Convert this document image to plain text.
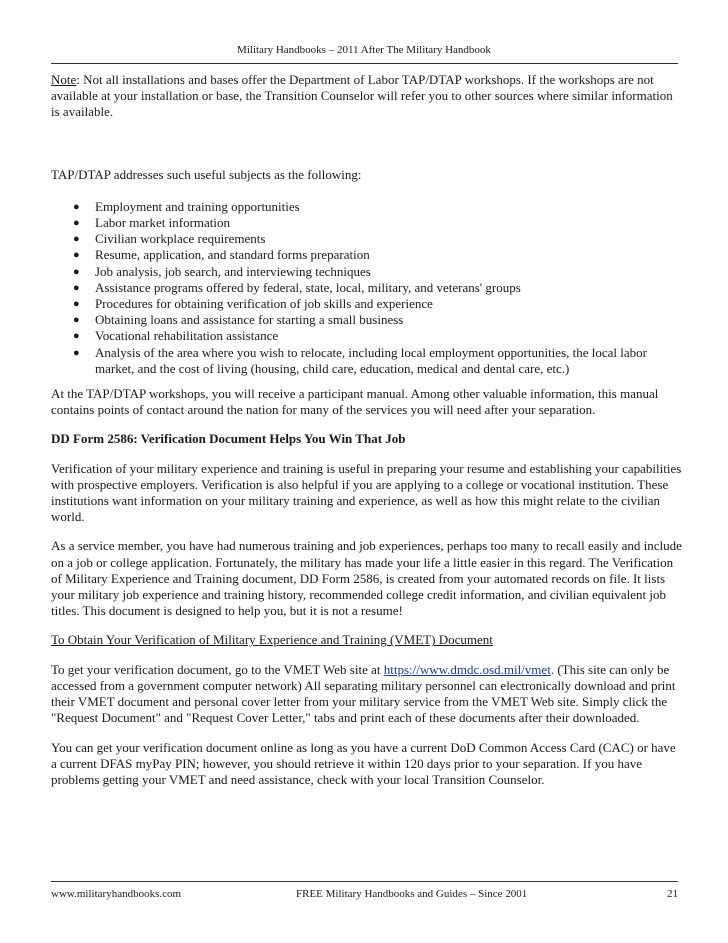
Military Handbooks – 2011 After The Military Handbook

Note: Not all installations and bases offer the Department of Labor TAP/DTAP workshops. If the workshops are not available at your installation or base, the Transition Counselor will refer you to other sources where similar information is available.

TAP/DTAP addresses such useful subjects as the following:

● Employment and training opportunities
● Labor market information
● Civilian workplace requirements
● Resume, application, and standard forms preparation
● Job analysis, job search, and interviewing techniques
● Assistance programs offered by federal, state, local, military, and veterans' groups
● Procedures for obtaining verification of job skills and experience
● Obtaining loans and assistance for starting a small business
● Vocational rehabilitation assistance
● Analysis of the area where you wish to relocate, including local employment opportunities, the local labor market, and the cost of living (housing, child care, education, medical and dental care, etc.)

At the TAP/DTAP workshops, you will receive a participant manual. Among other valuable information, this manual contains points of contact around the nation for many of the services you will need after your separation.

DD Form 2586: Verification Document Helps You Win That Job

Verification of your military experience and training is useful in preparing your resume and establishing your capabilities with prospective employers. Verification is also helpful if you are applying to a college or vocational institution. These institutions want information on your military training and experience, as well as how this might relate to the civilian world.

As a service member, you have had numerous training and job experiences, perhaps too many to recall easily and include on a job or college application. Fortunately, the military has made your life a little easier in this regard. The Verification of Military Experience and Training document, DD Form 2586, is created from your automated records on file. It lists your military job experience and training history, recommended college credit information, and civilian equivalent job titles. This document is designed to help you, but it is not a resume!

To Obtain Your Verification of Military Experience and Training (VMET) Document

To get your verification document, go to the VMET Web site at https://www.dmdc.osd.mil/vmet. (This site can only be accessed from a government computer network) All separating military personnel can electronically download and print their VMET document and personal cover letter from your military service from the VMET Web site. Simply click the "Request Document" and "Request Cover Letter," tabs and print each of these documents after their downloaded.

You can get your verification document online as long as you have a current DoD Common Access Card (CAC) or have a current DFAS myPay PIN; however, you should retrieve it within 120 days prior to your separation. If you have problems getting your VMET and need assistance, check with your local Transition Counselor.

www.militaryhandbooks.com	FREE Military Handbooks and Guides – Since 2001	21
